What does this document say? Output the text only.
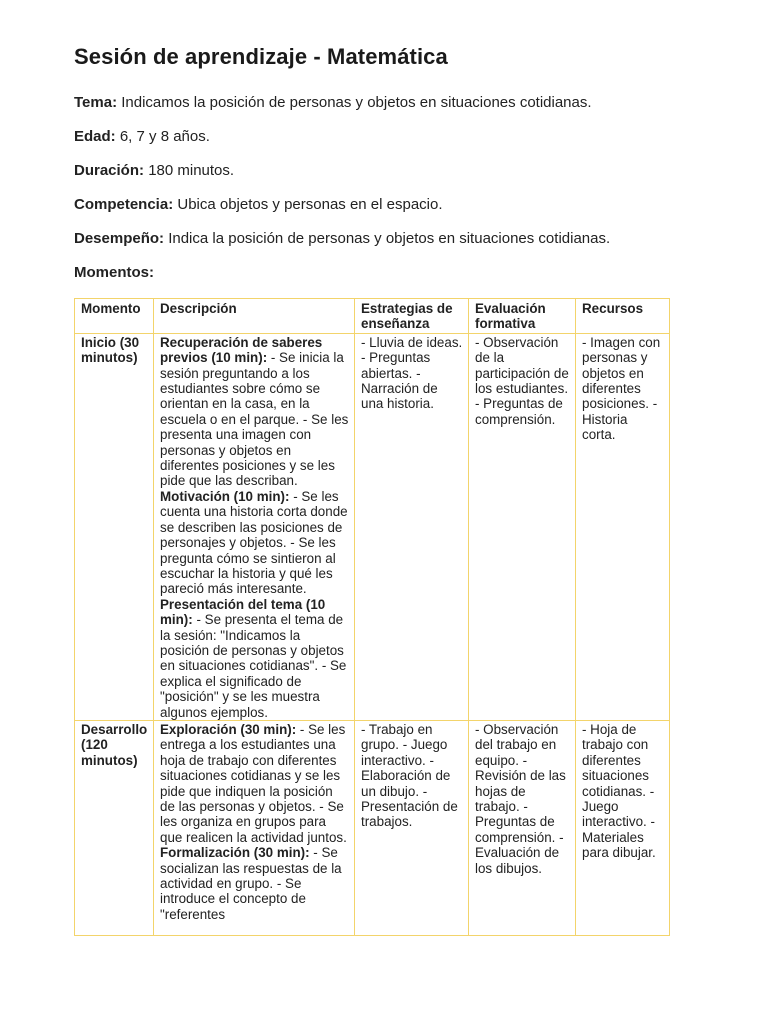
Sesión de aprendizaje - Matemática

Tema: Indicamos la posición de personas y objetos en situaciones cotidianas.

Edad: 6, 7 y 8 años.

Duración: 180 minutos.

Competencia: Ubica objetos y personas en el espacio.

Desempeño: Indica la posición de personas y objetos en situaciones cotidianas.

Momentos:

Momento	Descripción	Estrategias de enseñanza	Evaluación formativa	Recursos
Inicio (30 minutos)	Recuperación de saberes previos (10 min): - Se inicia la sesión preguntando a los estudiantes sobre cómo se orientan en la casa, en la escuela o en el parque. - Se les presenta una imagen con personas y objetos en diferentes posiciones y se les pide que las describan. Motivación (10 min): - Se les cuenta una historia corta donde se describen las posiciones de personajes y objetos. - Se les pregunta cómo se sintieron al escuchar la historia y qué les pareció más interesante. Presentación del tema (10 min): - Se presenta el tema de la sesión: "Indicamos la posición de personas y objetos en situaciones cotidianas". - Se explica el significado de "posición" y se les muestra algunos ejemplos.	- Lluvia de ideas. - Preguntas abiertas. - Narración de una historia.	- Observación de la participación de los estudiantes. - Preguntas de comprensión.	- Imagen con personas y objetos en diferentes posiciones. - Historia corta.

Desarrollo (120 minutos)	Exploración (30 min): - Se les entrega a los estudiantes una hoja de trabajo con diferentes situaciones cotidianas y se les pide que indiquen la posición de las personas y objetos. - Se les organiza en grupos para que realicen la actividad juntos. Formalización (30 min): - Se socializan las respuestas de la actividad en grupo. - Se introduce el concepto de "referentes	- Trabajo en grupo. - Juego interactivo. - Elaboración de un dibujo. - Presentación de trabajos.	- Observación del trabajo en equipo. - Revisión de las hojas de trabajo. - Preguntas de comprensión. - Evaluación de los dibujos.	- Hoja de trabajo con diferentes situaciones cotidianas. - Juego interactivo. - Materiales para dibujar.
